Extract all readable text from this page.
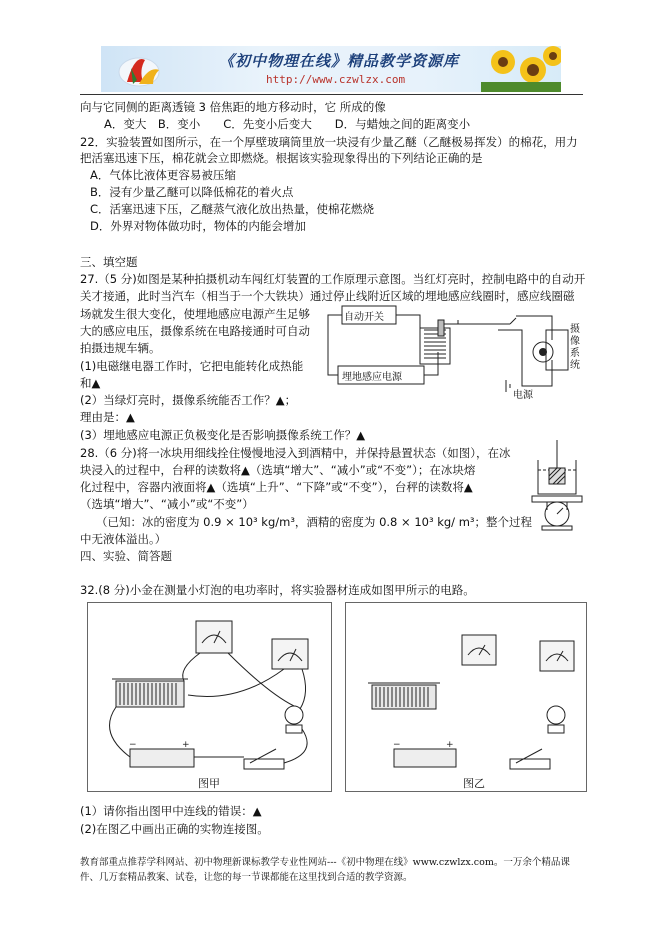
《初中物理在线》精品教学资源库
http://www.czwlzx.com
向与它同侧的距离透镜 3 倍焦距的地方移动时，它 所成的像
A．变大　B．变小　　C．先变小后变大　　D．与蜡烛之间的距离变小
22．实验装置如图所示，在一个厚壁玻璃筒里放一块浸有少量乙醚（乙醚极易挥发）的棉花，用力
把活塞迅速下压，棉花就会立即燃烧。根据该实验现象得出的下列结论正确的是
A．气体比液体更容易被压缩
B．浸有少量乙醚可以降低棉花的着火点
C．活塞迅速下压，乙醚蒸气液化放出热量，使棉花燃烧
D．外界对物体做功时，物体的内能会增加
三、填空题
27.（5 分)如图是某种拍摄机动车闯红灯装置的工作原理示意图。当红灯亮时，控制电路中的自动开
关才接通，此时当汽车（相当于一个大铁块）通过停止线附近区域的埋地感应线圈时，感应线圈磁
场就发生很大变化，使埋地感应电源产生足够
大的感应电压，摄像系统在电路接通时可自动
拍摄违规车辆。
(1)电磁继电器工作时，它把电能转化成热能
和▲
(2）当绿灯亮时，摄像系统能否工作？▲；
理由是：▲
(3）埋地感应电源正负极变化是否影响摄像系统工作？▲
自动开关
埋地感应电源
摄像系统
电源
28.（6 分)将一冰块用细线拴住慢慢地浸入到酒精中，并保持悬置状态（如图），在冰
块浸入的过程中，台秤的读数将▲（选填“增大”、“减小”或“不变”）；在冰块熔
化过程中，容器内液面将▲（选填“上升”、“下降”或“不变”），台秤的读数将▲
（选填“增大”、“减小”或“不变”）
（已知：冰的密度为 0.9 × 10³ kg/m³，酒精的密度为 0.8 × 10³ kg/ m³；整个过程
中无液体溢出。）
四、实验、简答题
32.(8 分)小金在测量小灯泡的电功率时，将实验器材连成如图甲所示的电路。
−	+
图甲
−	+
图乙
(1）请你指出图甲中连线的错误：▲
(2)在图乙中画出正确的实物连接图。
教育部重点推荐学科网站、初中物理新课标教学专业性网站---《初中物理在线》www.czwlzx.com。一万余个精品课
件、几万套精品教案、试卷，让您的每一节课都能在这里找到合适的教学资源。
